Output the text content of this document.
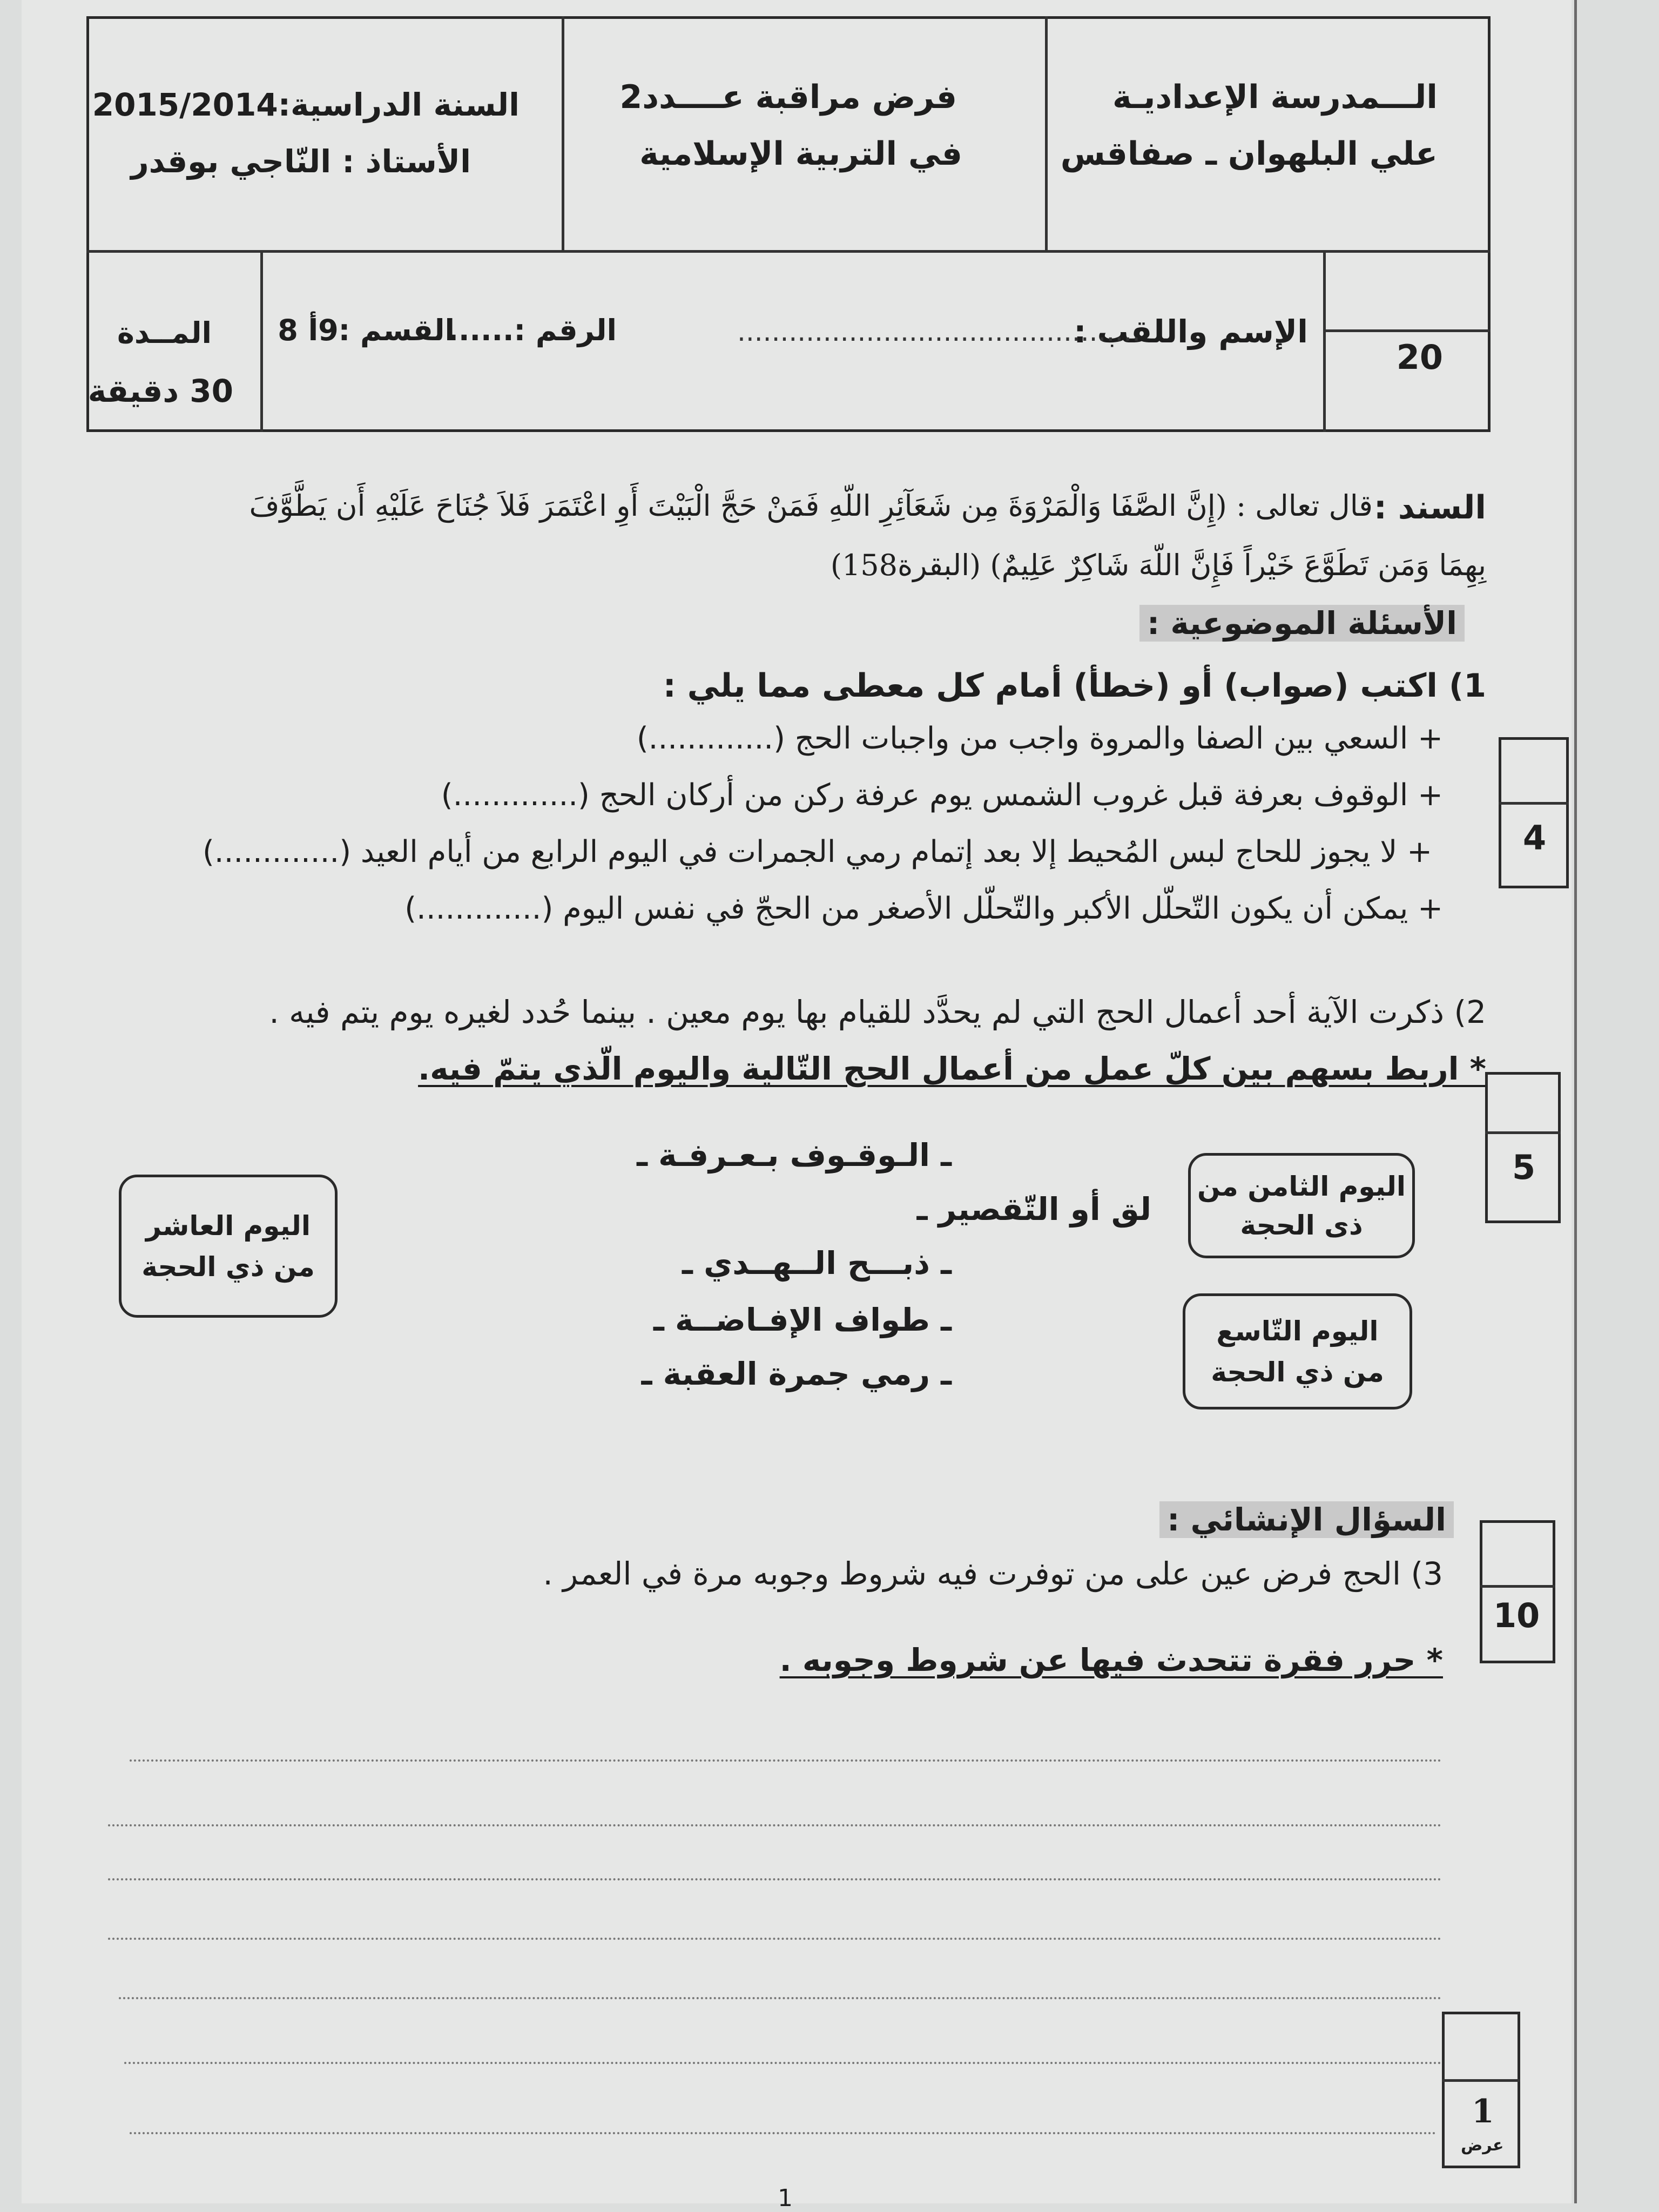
الـــمدرسة الإعداديـة
علي البلهوان ـ صفاقس
فرض مراقبة عــــدد2
في التربية الإسلامية
السنة الدراسية:2015/2014
الأستاذ : النّاجي بوقدر
الإسم واللقب :
...............................................
الرقم :......
القسم :9أ 8
المــدة
30 دقيقة
20
السند :
قال تعالى : (إِنَّ الصَّفَا وَالْمَرْوَةَ مِن شَعَآئِرِ اللّهِ فَمَنْ حَجَّ الْبَيْتَ أَوِ اعْتَمَرَ فَلاَ جُنَاحَ عَلَيْهِ أَن يَطَّوَّفَ
بِهِمَا وَمَن تَطَوَّعَ خَيْراً فَإِنَّ اللّهَ شَاكِرٌ عَلِيمٌ) (البقرة158)
الأسئلة الموضوعية :
1) اكتب (صواب) أو (خطأ) أمام كل معطى مما يلي :
+ السعي بين الصفا والمروة واجب من واجبات الحج (.............)
+ الوقوف بعرفة قبل غروب الشمس يوم عرفة ركن من أركان الحج (.............)
+ لا يجوز للحاج لبس المُحيط إلا بعد إتمام رمي الجمرات في اليوم الرابع من أيام العيد (.............)
+ يمكن أن يكون التّحلّل الأكبر والتّحلّل الأصغر من الحجّ في نفس اليوم (.............)
4
2) ذكرت الآية أحد أعمال الحج التي لم يحدَّد للقيام بها يوم معين . بينما حُدد لغيره يوم يتم فيه .
* اربط بسهم بين كلّ عمل من أعمال الحج التّالية واليوم الّذي يتمّ فيه.
5
ـ الـوقـوف بـعـرفـة ـ
لق أو التّقصير ـ
ـ ذبـــح الــهــدي ـ
ـ طواف الإفـاضــة ـ
ـ رمي جمرة العقبة ـ
اليوم الثامن من
ذى الحجة
اليوم التّاسع
من ذي الحجة
اليوم العاشر
من ذي الحجة
السؤال الإنشائي :
10
3) الحج فرض عين على من توفرت فيه شروط وجوبه مرة في العمر .
* حرر فقرة تتحدث فيها عن شروط وجوبه .
1
عرض
1
